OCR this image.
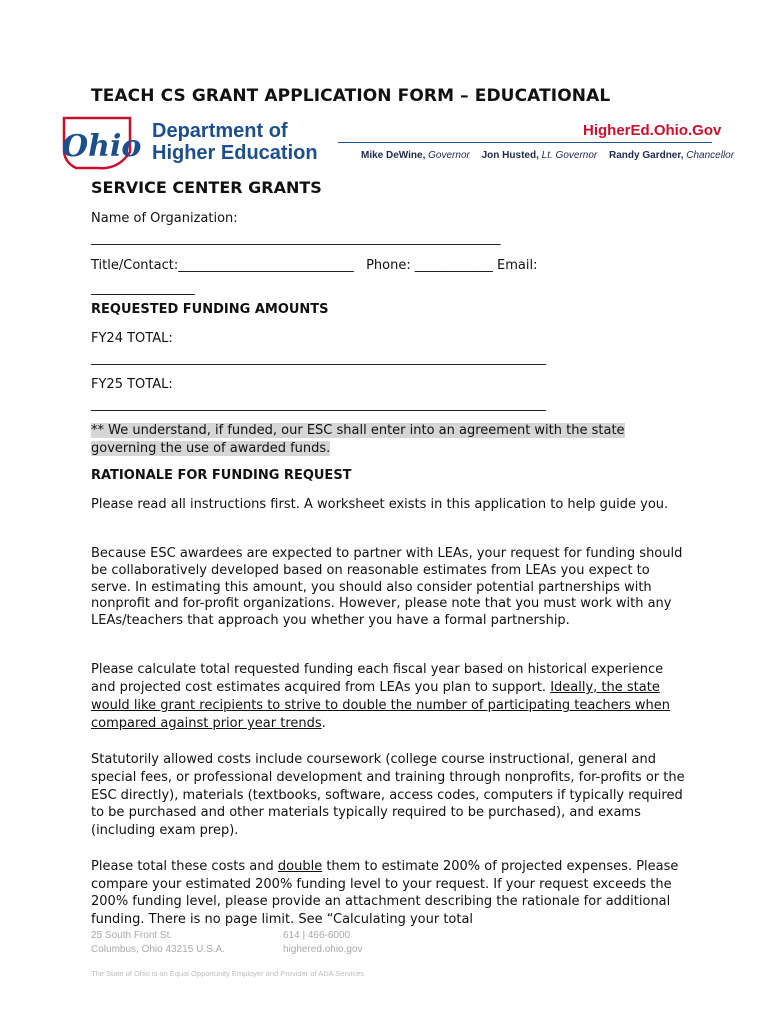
TEACH CS GRANT APPLICATION FORM – EDUCATIONAL
Ohio Department of
Higher Education
HigherEd.Ohio.Gov
Mike DeWine, Governor Jon Husted, Lt. Governor Randy Gardner, Chancellor
SERVICE CENTER GRANTS
Name of Organization:
_______________________________________________________________
Title/Contact:___________________________   Phone: ____________ Email:
________________
REQUESTED FUNDING AMOUNTS
FY24 TOTAL:
______________________________________________________________________
FY25 TOTAL:
______________________________________________________________________
** We understand, if funded, our ESC shall enter into an agreement with the state
governing the use of awarded funds.
RATIONALE FOR FUNDING REQUEST
Please read all instructions first. A worksheet exists in this application to help guide you.
Because ESC awardees are expected to partner with LEAs, your request for funding should be collaboratively developed based on reasonable estimates from LEAs you expect to serve. In estimating this amount, you should also consider potential partnerships with nonprofit and for-profit organizations. However, please note that you must work with any LEAs/teachers that approach you whether you have a formal partnership.
Please calculate total requested funding each fiscal year based on historical experience and projected cost estimates acquired from LEAs you plan to support. Ideally, the state would like grant recipients to strive to double the number of participating teachers when compared against prior year trends.
Statutorily allowed costs include coursework (college course instructional, general and special fees, or professional development and training through nonprofits, for-profits or the ESC directly), materials (textbooks, software, access codes, computers if typically required to be purchased and other materials typically required to be purchased), and exams (including exam prep).
Please total these costs and double them to estimate 200% of projected expenses. Please compare your estimated 200% funding level to your request. If your request exceeds the 200% funding level, please provide an attachment describing the rationale for additional funding. There is no page limit. See “Calculating your total
25 South Front St.
Columbus, Ohio 43215 U.S.A.
614 | 466-6000
highered.ohio.gov
The State of Ohio is an Equal Opportunity Employer and Provider of ADA Services
